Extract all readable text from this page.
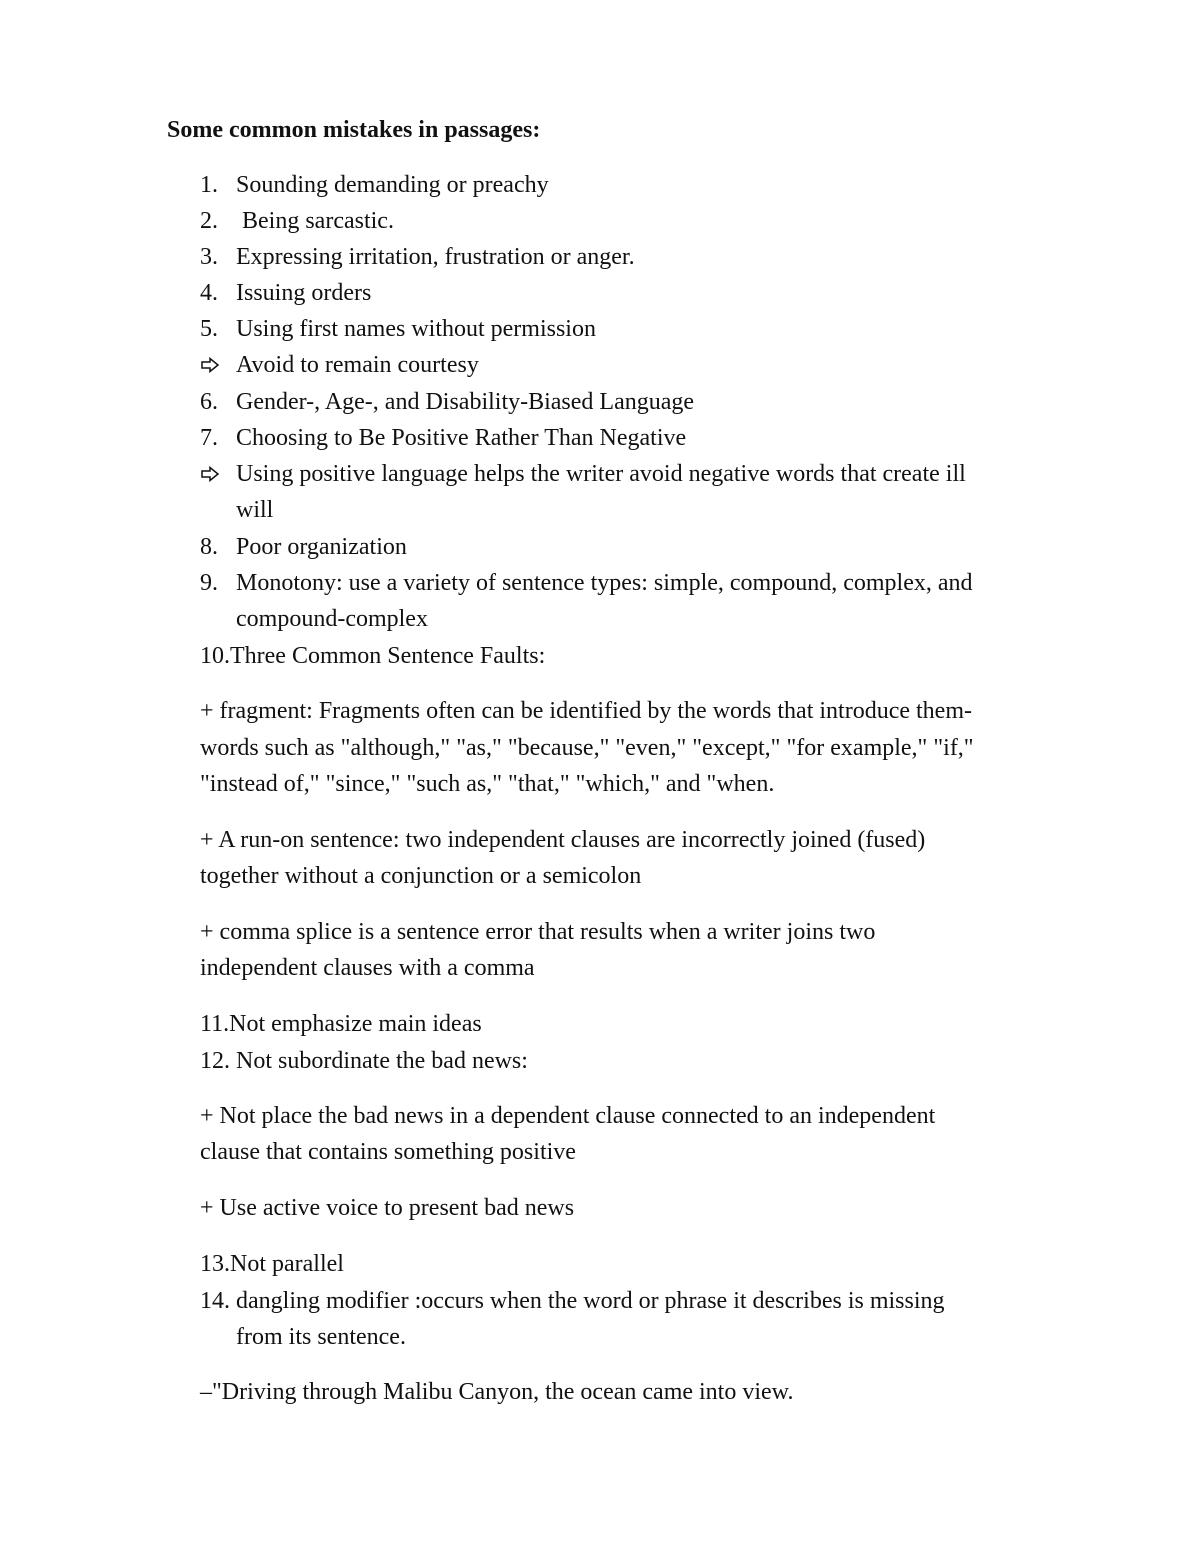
Some common mistakes in passages:
1. Sounding demanding or preachy
2. Being sarcastic.
3. Expressing irritation, frustration or anger.
4. Issuing orders
5. Using first names without permission
Avoid to remain courtesy
6. Gender-, Age-, and Disability-Biased Language
7. Choosing to Be Positive Rather Than Negative
Using positive language helps the writer avoid negative words that create ill
will
8. Poor organization
9. Monotony: use a variety of sentence types: simple, compound, complex, and
compound-complex
10.Three Common Sentence Faults:
+ fragment: Fragments often can be identified by the words that introduce them-
words such as "although," "as," "because," "even," "except," "for example," "if,"
"instead of," "since," "such as," "that," "which," and "when.
+ A run-on sentence: two independent clauses are incorrectly joined (fused)
together without a conjunction or a semicolon
+ comma splice is a sentence error that results when a writer joins two
independent clauses with a comma
11.Not emphasize main ideas
12. Not subordinate the bad news:
+ Not place the bad news in a dependent clause connected to an independent
clause that contains something positive
+ Use active voice to present bad news
13.Not parallel
14. dangling modifier :occurs when the word or phrase it describes is missing
from its sentence.
–"Driving through Malibu Canyon, the ocean came into view.
